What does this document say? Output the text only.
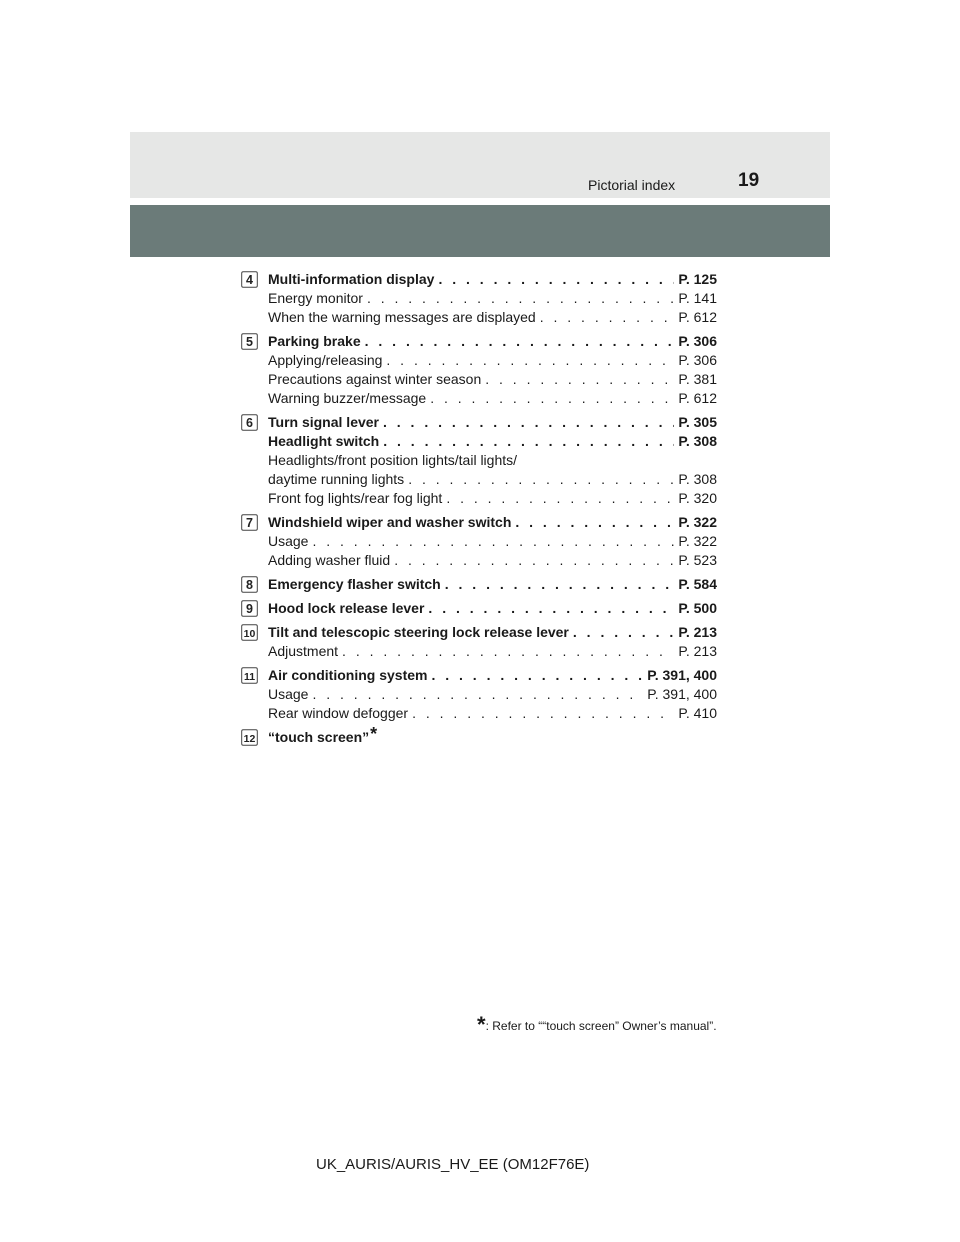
Pictorial index	19
4 Multi-information display . . .	P. 125
Energy monitor . . .	P. 141
When the warning messages are displayed . . .	P. 612
5 Parking brake . . .	P. 306
Applying/releasing . . .	P. 306
Precautions against winter season . . .	P. 381
Warning buzzer/message . . .	P. 612
6 Turn signal lever . . .	P. 305
Headlight switch . . .	P. 308
Headlights/front position lights/tail lights/
daytime running lights . . .	P. 308
Front fog lights/rear fog light . . .	P. 320
7 Windshield wiper and washer switch . . .	P. 322
Usage . . .	P. 322
Adding washer fluid . . .	P. 523
8 Emergency flasher switch . . .	P. 584
9 Hood lock release lever . . .	P. 500
10 Tilt and telescopic steering lock release lever . . .	P. 213
Adjustment . . .	P. 213
11 Air conditioning system . . .	P. 391, 400
Usage . . .	P. 391, 400
Rear window defogger . . .	P. 410
12 “touch screen”*
*: Refer to ““touch screen” Owner’s manual”.
UK_AURIS/AURIS_HV_EE (OM12F76E)
